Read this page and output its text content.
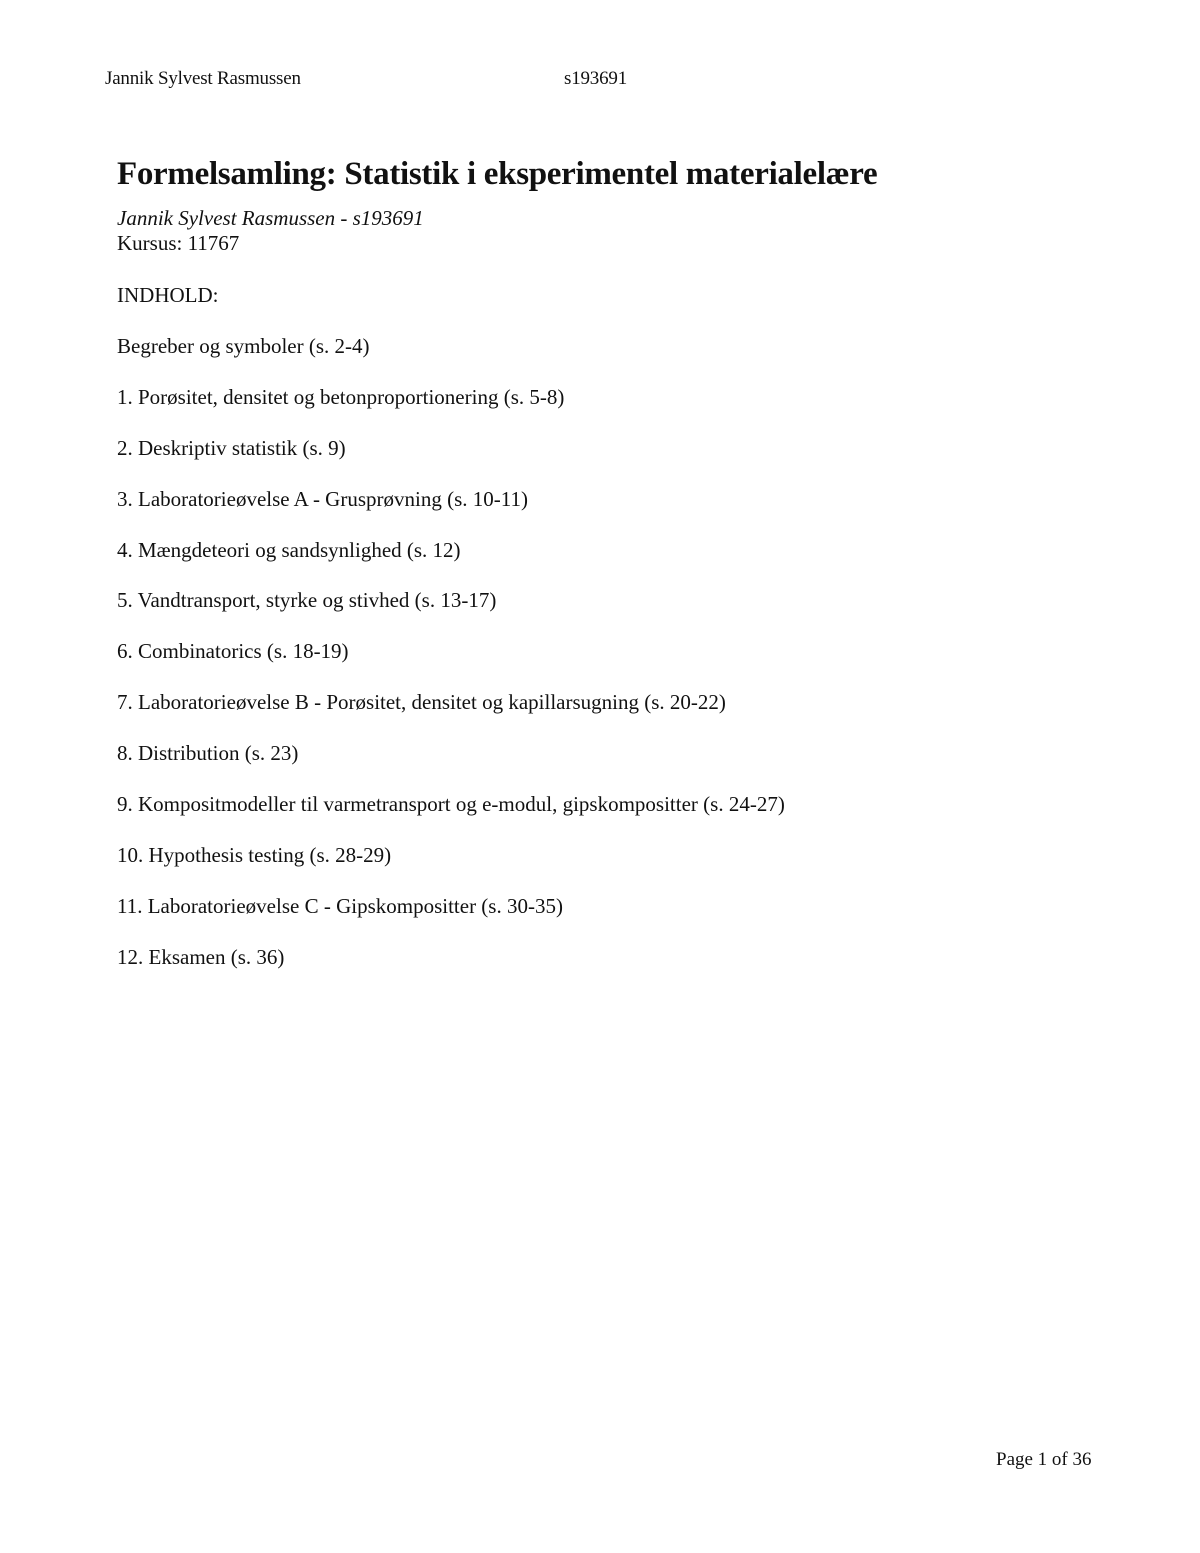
Jannik Sylvest Rasmussen	s193691
Formelsamling: Statistik i eksperimentel materialelære
Jannik Sylvest Rasmussen - s193691
Kursus: 11767
INDHOLD:
Begreber og symboler (s. 2-4)
1. Porøsitet, densitet og betonproportionering (s. 5-8)
2. Deskriptiv statistik (s. 9)
3. Laboratorieøvelse A - Grusprøvning (s. 10-11)
4. Mængdeteori og sandsynlighed (s. 12)
5. Vandtransport, styrke og stivhed (s. 13-17)
6. Combinatorics (s. 18-19)
7. Laboratorieøvelse B - Porøsitet, densitet og kapillarsugning (s. 20-22)
8. Distribution (s. 23)
9. Kompositmodeller til varmetransport og e-modul, gipskompositter (s. 24-27)
10. Hypothesis testing (s. 28-29)
11. Laboratorieøvelse C - Gipskompositter (s. 30-35)
12. Eksamen (s. 36)
Page 1 of 36
